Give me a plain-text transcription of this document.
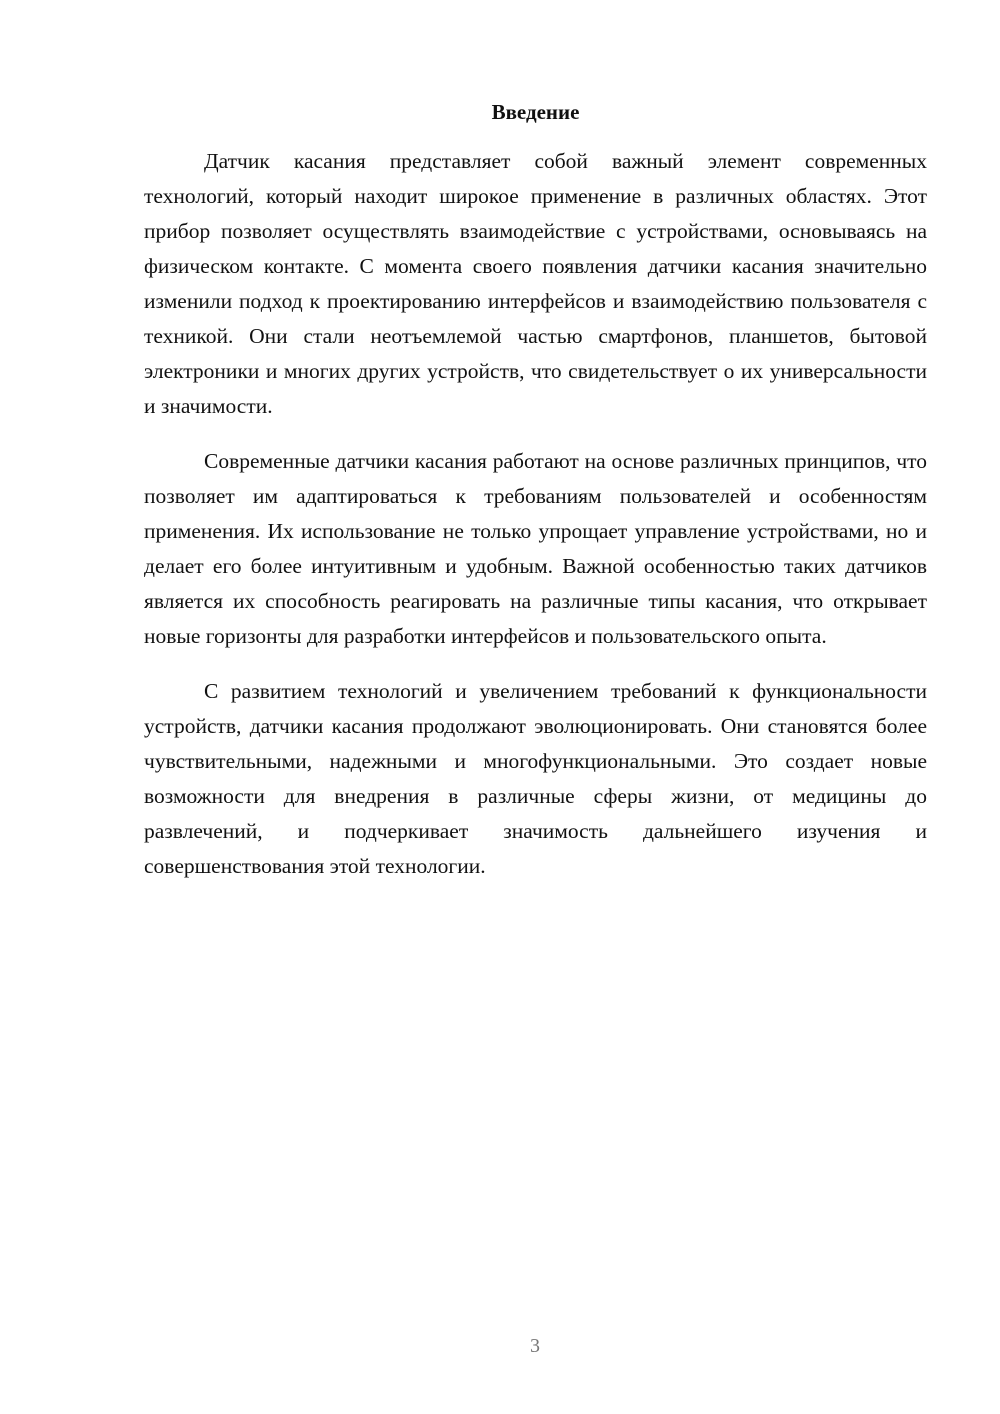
Введение

Датчик касания представляет собой важный элемент современных технологий, который находит широкое применение в различных областях. Этот прибор позволяет осуществлять взаимодействие с устройствами, основываясь на физическом контакте. С момента своего появления датчики касания значительно изменили подход к проектированию интерфейсов и взаимодействию пользователя с техникой. Они стали неотъемлемой частью смартфонов, планшетов, бытовой электроники и многих других устройств, что свидетельствует о их универсальности и значимости.

Современные датчики касания работают на основе различных принципов, что позволяет им адаптироваться к требованиям пользователей и особенностям применения. Их использование не только упрощает управление устройствами, но и делает его более интуитивным и удобным. Важной особенностью таких датчиков является их способность реагировать на различные типы касания, что открывает новые горизонты для разработки интерфейсов и пользовательского опыта.

С развитием технологий и увеличением требований к функциональности устройств, датчики касания продолжают эволюционировать. Они становятся более чувствительными, надежными и многофункциональными. Это создает новые возможности для внедрения в различные сферы жизни, от медицины до развлечений, и подчеркивает значимость дальнейшего изучения и совершенствования этой технологии.

3
